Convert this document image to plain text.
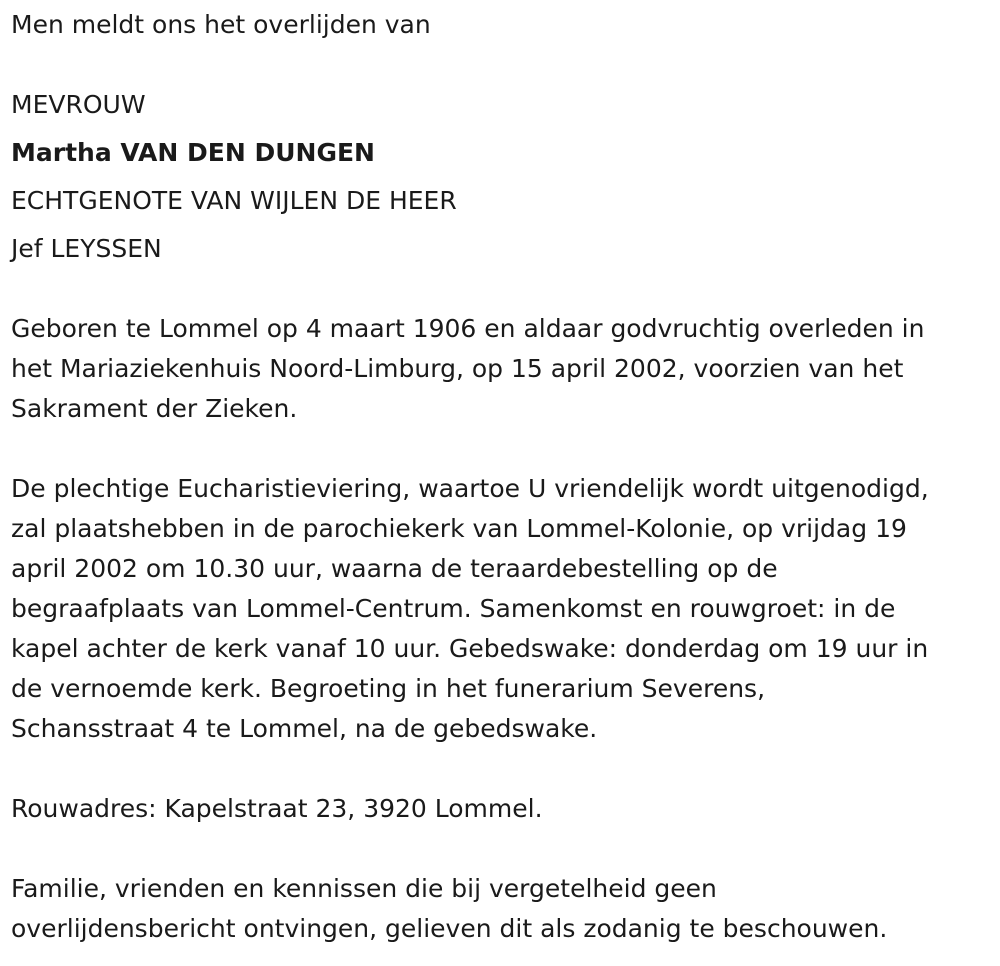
Men meldt ons het overlijden van

MEVROUW

Martha VAN DEN DUNGEN

ECHTGENOTE VAN WIJLEN DE HEER

Jef LEYSSEN

Geboren te Lommel op 4 maart 1906 en aldaar godvruchtig overleden in

het Mariaziekenhuis Noord-Limburg, op 15 april 2002, voorzien van het

Sakrament der Zieken.

De plechtige Eucharistieviering, waartoe U vriendelijk wordt uitgenodigd,

zal plaatshebben in de parochiekerk van Lommel-Kolonie, op vrijdag 19

april 2002 om 10.30 uur, waarna de teraardebestelling op de

begraafplaats van Lommel-Centrum. Samenkomst en rouwgroet: in de

kapel achter de kerk vanaf 10 uur. Gebedswake: donderdag om 19 uur in

de vernoemde kerk. Begroeting in het funerarium Severens,

Schansstraat 4 te Lommel, na de gebedswake.

Rouwadres: Kapelstraat 23, 3920 Lommel.

Familie, vrienden en kennissen die bij vergetelheid geen

overlijdensbericht ontvingen, gelieven dit als zodanig te beschouwen.
